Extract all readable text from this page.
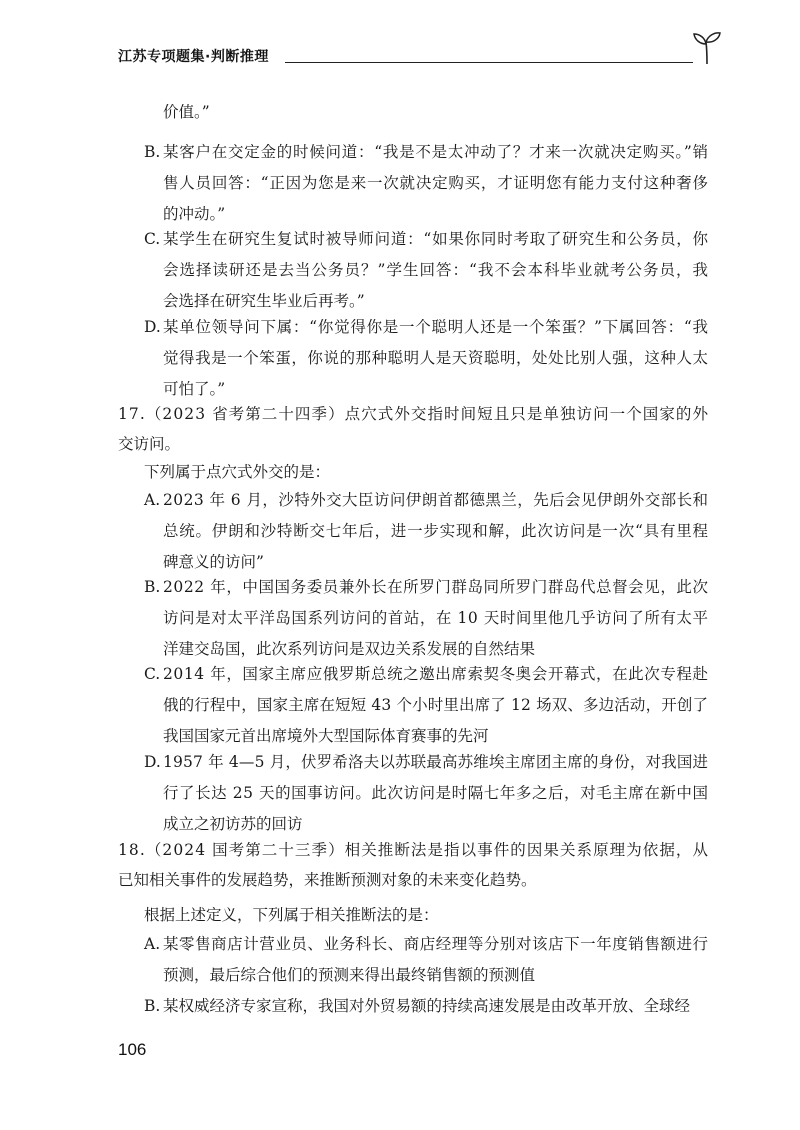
江苏专项题集·判断推理

价值。”

B. 某客户在交定金的时候问道：“我是不是太冲动了？才来一次就决定购买。”销

售人员回答：“正因为您是来一次就决定购买，才证明您有能力支付这种奢侈

的冲动。”

C. 某学生在研究生复试时被导师问道：“如果你同时考取了研究生和公务员，你

会选择读研还是去当公务员？”学生回答：“我不会本科毕业就考公务员，我

会选择在研究生毕业后再考。”

D. 某单位领导问下属：“你觉得你是一个聪明人还是一个笨蛋？”下属回答：“我

觉得我是一个笨蛋，你说的那种聪明人是天资聪明，处处比别人强，这种人太

可怕了。”

17.（2023 省考第二十四季）点穴式外交指时间短且只是单独访问一个国家的外

交访问。

下列属于点穴式外交的是：

A. 2023 年 6 月，沙特外交大臣访问伊朗首都德黑兰，先后会见伊朗外交部长和

总统。伊朗和沙特断交七年后，进一步实现和解，此次访问是一次“具有里程

碑意义的访问”

B. 2022 年，中国国务委员兼外长在所罗门群岛同所罗门群岛代总督会见，此次

访问是对太平洋岛国系列访问的首站，在 10 天时间里他几乎访问了所有太平

洋建交岛国，此次系列访问是双边关系发展的自然结果

C. 2014 年，国家主席应俄罗斯总统之邀出席索契冬奥会开幕式，在此次专程赴

俄的行程中，国家主席在短短 43 个小时里出席了 12 场双、多边活动，开创了

我国国家元首出席境外大型国际体育赛事的先河

D. 1957 年 4—5 月，伏罗希洛夫以苏联最高苏维埃主席团主席的身份，对我国进

行了长达 25 天的国事访问。此次访问是时隔七年多之后，对毛主席在新中国

成立之初访苏的回访

18.（2024 国考第二十三季）相关推断法是指以事件的因果关系原理为依据，从

已知相关事件的发展趋势，来推断预测对象的未来变化趋势。

根据上述定义，下列属于相关推断法的是：

A. 某零售商店计营业员、业务科长、商店经理等分别对该店下一年度销售额进行

预测，最后综合他们的预测来得出最终销售额的预测值

B. 某权威经济专家宣称，我国对外贸易额的持续高速发展是由改革开放、全球经

106
